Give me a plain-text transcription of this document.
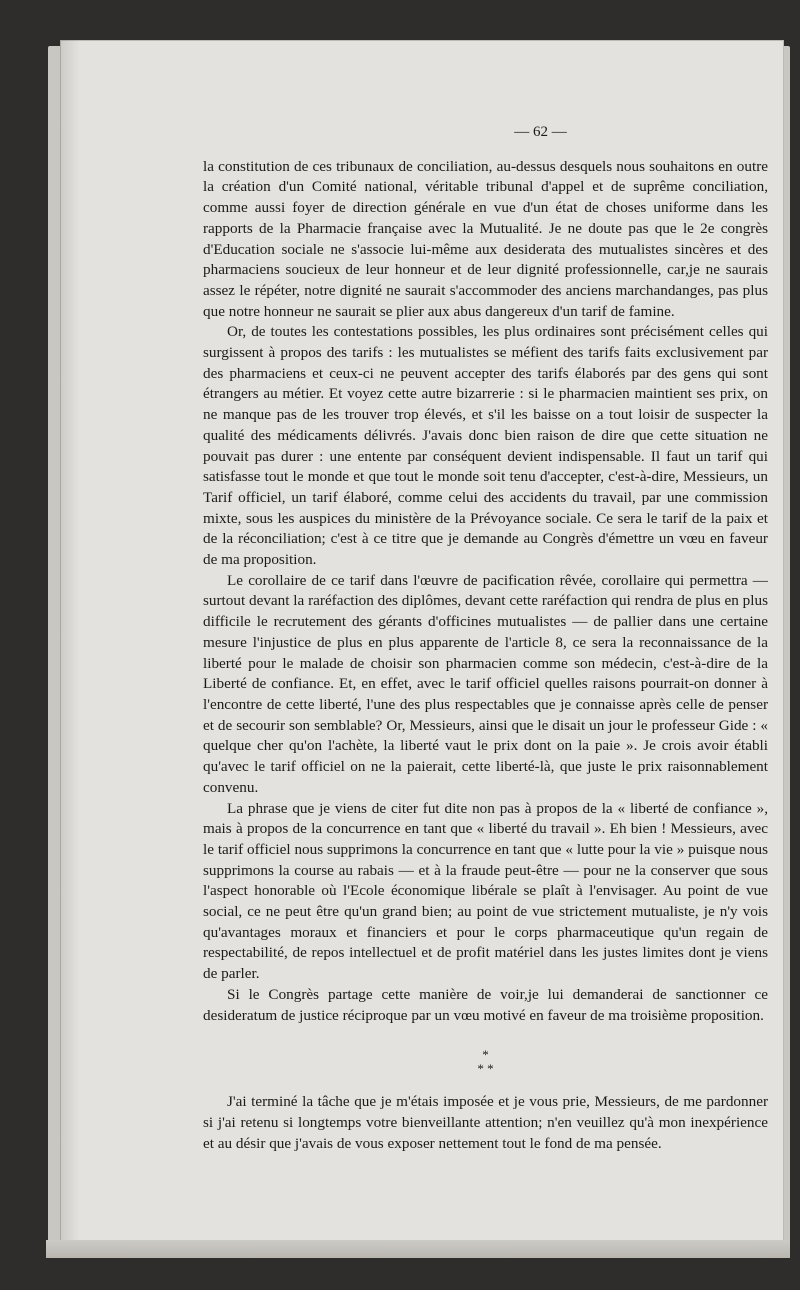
— 62 —

la constitution de ces tribunaux de conciliation, au-dessus desquels nous souhaitons en outre la création d'un Comité national, véritable tribunal d'appel et de suprême conciliation, comme aussi foyer de direction générale en vue d'un état de choses uniforme dans les rapports de la Pharmacie française avec la Mutualité. Je ne doute pas que le 2e congrès d'Education sociale ne s'associe lui-même aux desiderata des mutualistes sincères et des pharmaciens soucieux de leur honneur et de leur dignité professionnelle, car,je ne saurais assez le répéter, notre dignité ne saurait s'accommoder des anciens marchandanges, pas plus que notre honneur ne saurait se plier aux abus dangereux d'un tarif de famine.

Or, de toutes les contestations possibles, les plus ordinaires sont précisément celles qui surgissent à propos des tarifs : les mutualistes se méfient des tarifs faits exclusivement par des pharmaciens et ceux-ci ne peuvent accepter des tarifs élaborés par des gens qui sont étrangers au métier. Et voyez cette autre bizarrerie : si le pharmacien maintient ses prix, on ne manque pas de les trouver trop élevés, et s'il les baisse on a tout loisir de suspecter la qualité des médicaments délivrés. J'avais donc bien raison de dire que cette situation ne pouvait pas durer : une entente par conséquent devient indispensable. Il faut un tarif qui satisfasse tout le monde et que tout le monde soit tenu d'accepter, c'est-à-dire, Messieurs, un Tarif officiel, un tarif élaboré, comme celui des accidents du travail, par une commission mixte, sous les auspices du ministère de la Prévoyance sociale. Ce sera le tarif de la paix et de la réconciliation; c'est à ce titre que je demande au Congrès d'émettre un vœu en faveur de ma proposition.

Le corollaire de ce tarif dans l'œuvre de pacification rêvée, corollaire qui permettra — surtout devant la raréfaction des diplômes, devant cette raréfaction qui rendra de plus en plus difficile le recrutement des gérants d'officines mutualistes — de pallier dans une certaine mesure l'injustice de plus en plus apparente de l'article 8, ce sera la reconnaissance de la liberté pour le malade de choisir son pharmacien comme son médecin, c'est-à-dire de la Liberté de confiance. Et, en effet, avec le tarif officiel quelles raisons pourrait-on donner à l'encontre de cette liberté, l'une des plus respectables que je connaisse après celle de penser et de secourir son semblable? Or, Messieurs, ainsi que le disait un jour le professeur Gide : « quelque cher qu'on l'achète, la liberté vaut le prix dont on la paie ». Je crois avoir établi qu'avec le tarif officiel on ne la paierait, cette liberté-là, que juste le prix raisonnablement convenu.

La phrase que je viens de citer fut dite non pas à propos de la « liberté de confiance », mais à propos de la concurrence en tant que « liberté du travail ». Eh bien ! Messieurs, avec le tarif officiel nous supprimons la concurrence en tant que « lutte pour la vie » puisque nous supprimons la course au rabais — et à la fraude peut-être — pour ne la conserver que sous l'aspect honorable où l'Ecole économique libérale se plaît à l'envisager. Au point de vue social, ce ne peut être qu'un grand bien; au point de vue strictement mutualiste, je n'y vois qu'avantages moraux et financiers et pour le corps pharmaceutique qu'un regain de respectabilité, de repos intellectuel et de profit matériel dans les justes limites dont je viens de parler.

Si le Congrès partage cette manière de voir,je lui demanderai de sanctionner ce desideratum de justice réciproque par un vœu motivé en faveur de ma troisième proposition.

*
* *

J'ai terminé la tâche que je m'étais imposée et je vous prie, Messieurs, de me pardonner si j'ai retenu si longtemps votre bienveillante attention; n'en veuillez qu'à mon inexpérience et au désir que j'avais de vous exposer nettement tout le fond de ma pensée.
